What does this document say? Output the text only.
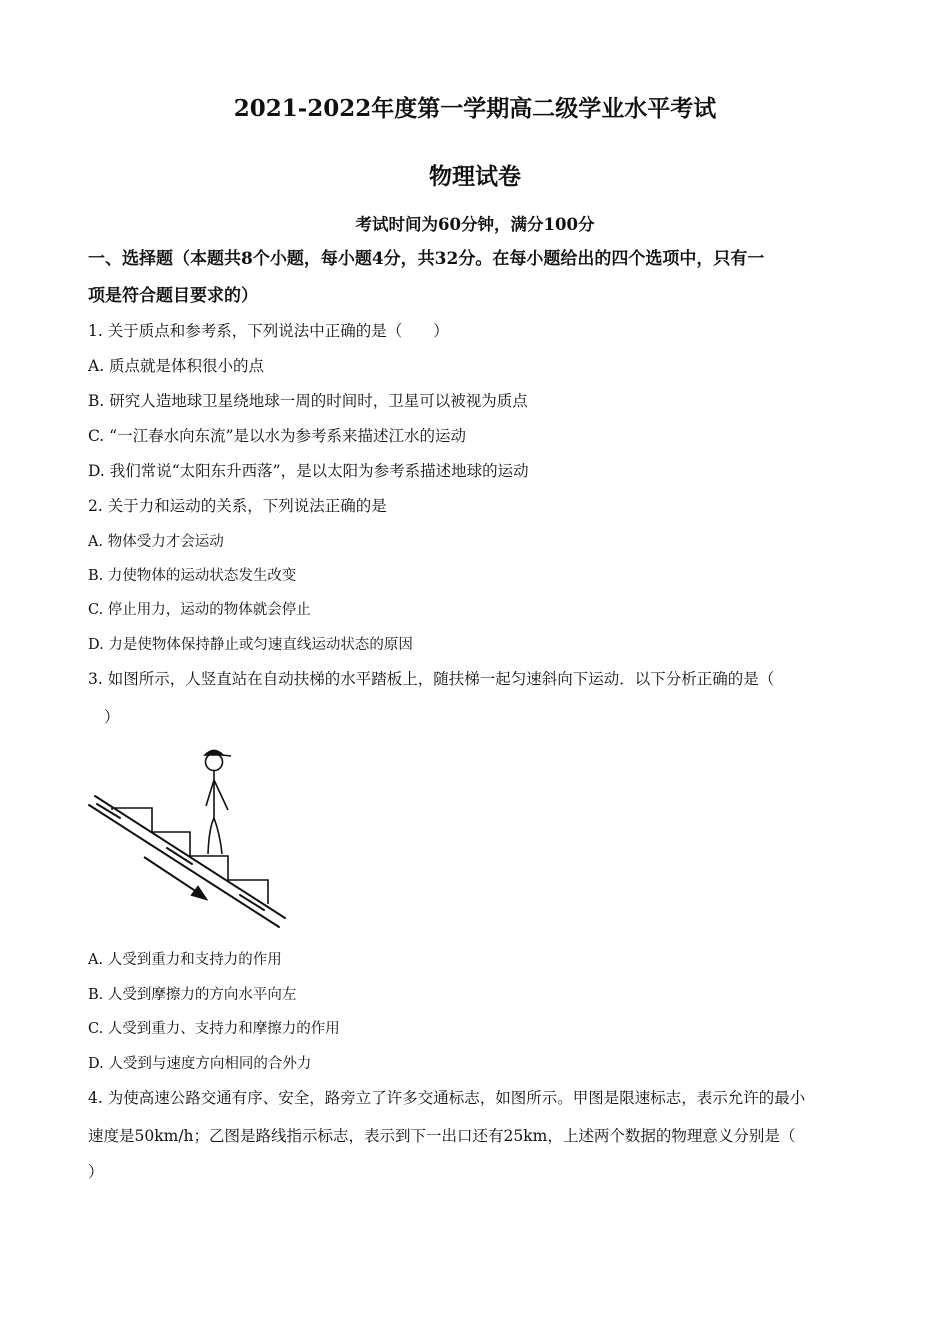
2021-2022年度第一学期高二级学业水平考试
物理试卷
考试时间为60分钟，满分100分
一、选择题（本题共8个小题，每小题4分，共32分。在每小题给出的四个选项中，只有一
项是符合题目要求的）
1. 关于质点和参考系，下列说法中正确的是（　　）
A. 质点就是体积很小的点
B. 研究人造地球卫星绕地球一周的时间时，卫星可以被视为质点
C. “一江春水向东流”是以水为参考系来描述江水的运动
D. 我们常说“太阳东升西落”，是以太阳为参考系描述地球的运动
2. 关于力和运动的关系，下列说法正确的是
A. 物体受力才会运动
B. 力使物体的运动状态发生改变
C. 停止用力，运动的物体就会停止
D. 力是使物体保持静止或匀速直线运动状态的原因
3. 如图所示，人竖直站在自动扶梯的水平踏板上，随扶梯一起匀速斜向下运动．以下分析正确的是（
）
A. 人受到重力和支持力的作用
B. 人受到摩擦力的方向水平向左
C. 人受到重力、支持力和摩擦力的作用
D. 人受到与速度方向相同的合外力
4. 为使高速公路交通有序、安全，路旁立了许多交通标志，如图所示。甲图是限速标志，表示允许的最小
速度是50km/h；乙图是路线指示标志，表示到下一出口还有25km，上述两个数据的物理意义分别是（
）
